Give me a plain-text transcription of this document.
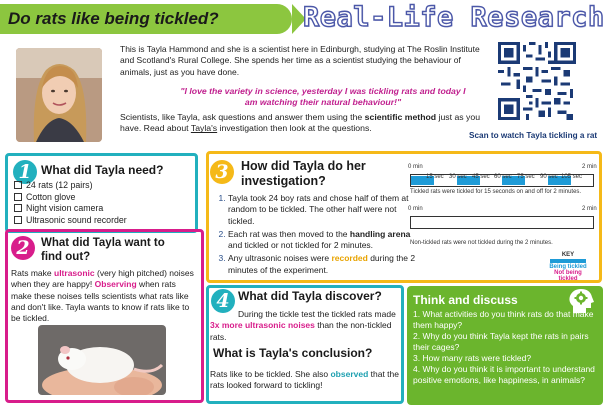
Do rats like being tickled?	Real-Life Research
This is Tayla Hammond and she is a scientist here in Edinburgh, studying at The Roslin Institute and Scotland's Rural College. She spends her time as a scientist studying the behaviour of animals, just as you have done.
"I love the variety in science, yesterday I was tickling rats and today I am watching their natural behaviour!"
Scientists, like Tayla, ask questions and answer them using the scientific method just as you have. Read about Tayla's investigation then look at the questions.
Scan to watch Tayla tickling a rat
1 What did Tayla need?
24 rats (12 pairs)
Cotton glove
Night vision camera
Ultrasonic sound recorder
2 What did Tayla want to
find out?
Rats make ultrasonic (very high pitched) noises when they are happy! Observing when rats make these noises tells scientists what rats like and don't like. Tayla wants to know if rats like to be tickled.
3 How did Tayla do her
investigation?
1. Tayla took 24 boy rats and chose half of them at random to be tickled. The other half were not tickled.
2. Each rat was then moved to the handling arena and tickled or not tickled for 2 minutes.
3. Any ultrasonic noises were recorded during the 2 minutes of the experiment.
0 min	2 min
15 sec 30 sec 45 sec 60 sec 75 sec 90 sec 105 sec
Tickled rats were tickled for 15 seconds on and off for 2 minutes.
0 min	2 min
Non-tickled rats were not tickled during the 2 minutes.
KEY
Being tickled
Not being tickled
4 What did Tayla discover?
During the tickle test the tickled rats made 3x more ultrasonic noises than the non-tickled rats.
What is Tayla's conclusion?
Rats like to be tickled. She also observed that the rats looked forward to tickling!
Think and discuss
1. What activities do you think rats do that make them happy?
2. Why do you think Tayla kept the rats in pairs their cages?
3. How many rats were tickled?
4. Why do you think it is important to understand positive emotions, like happiness, in animals?
